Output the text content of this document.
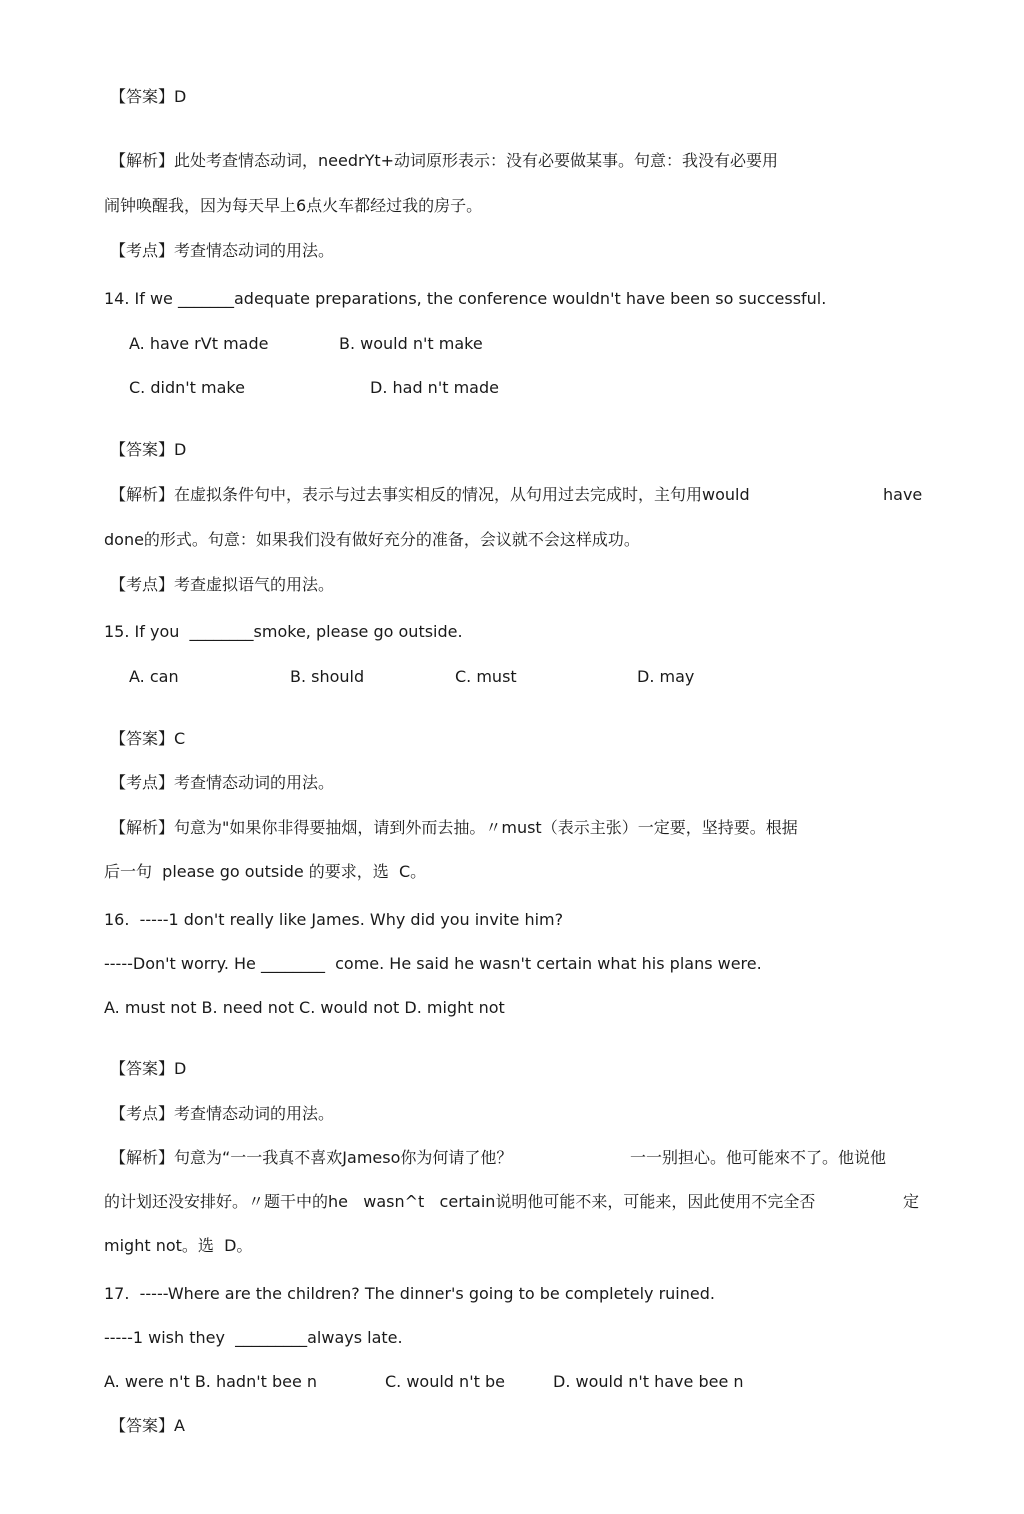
【答案】D
【解析】此处考查情态动词，needrYt+动词原形表示：没有必要做某事。句意：我没有必要用
闹钟唤醒我，因为每天早上6点火车都经过我的房子。
【考点】考查情态动词的用法。
14. If we _______adequate preparations, the conference wouldn't have been so successful.
A. have rVt made	B. would n't make
C. didn't make	D. had n't made
【答案】D
【解析】在虚拟条件句中，表示与过去事实相反的情况，从句用过去完成时，主句用would	have
done的形式。句意：如果我们没有做好充分的准备，会议就不会这样成功。
【考点】考查虚拟语气的用法。
15. If you  ________smoke, please go outside.
A. can	B. should	C. must	D. may
【答案】C
【考点】考查情态动词的用法。
【解析】句意为"如果你非得要抽烟，请到外而去抽。〃must（表示主张）一定要，坚持要。根据
后一句  please go outside 的要求，选  C。
16.  -----1 don't really like James. Why did you invite him?
-----Don't worry. He ________  come. He said he wasn't certain what his plans were.
A. must not B. need not C. would not D. might not
【答案】D
【考点】考查情态动词的用法。
【解析】句意为“一一我真不喜欢Jameso你为何请了他？	一一别担心。他可能來不了。他说他
的计划还没安排好。〃题干中的he   wasn^t   certain说明他可能不来，可能来，因此使用不完全否	定
might not。选  D。
17.  -----Where are the children? The dinner's going to be completely ruined.
-----1 wish they  _________always late.
A. were n't B. hadn't bee n	C. would n't be	D. would n't have bee n
【答案】A
